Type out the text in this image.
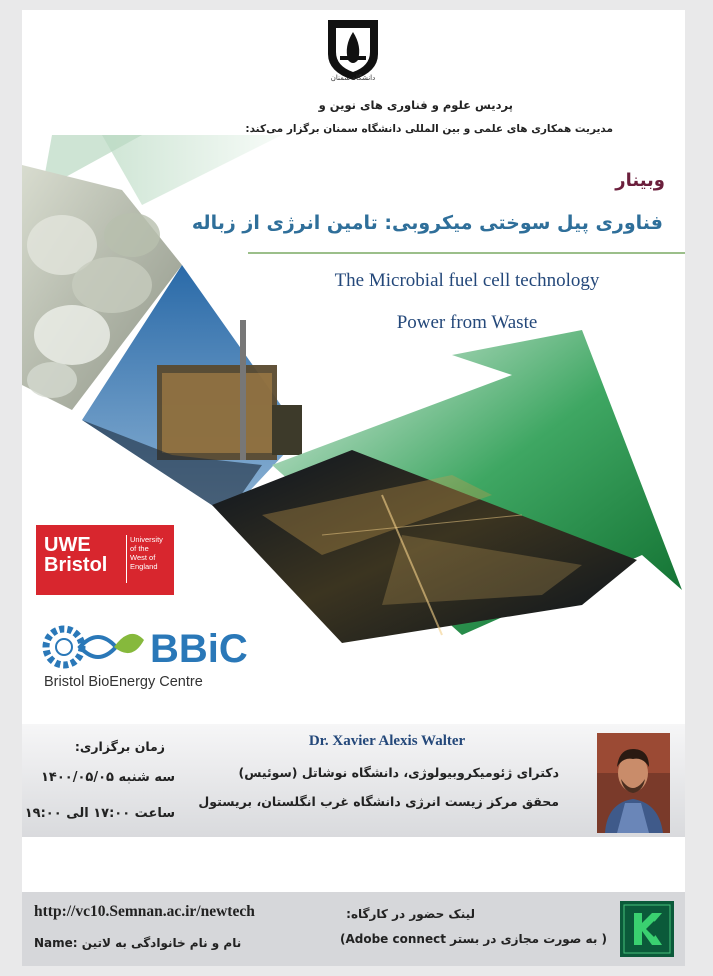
دانشگاه سمنان
پردیس علوم و فناوری های نوین و
مدیریت همکاری های علمی و بین المللی دانشگاه سمنان برگزار می‌کند:
وبینار
فناوری پیل سوختی میکروبی: تامین انرژی از زباله
The Microbial fuel cell technology
Power from Waste
UWE
Bristol
University
of the
West of
England
BBiC
Bristol BioEnergy Centre
Dr. Xavier Alexis Walter
دکترای ژئومیکروبیولوژی، دانشگاه نوشاتل (سوئیس)
محقق مرکز زیست انرژی دانشگاه غرب انگلستان، بریستول
زمان برگزاری:
سه شنبه ۱۴۰۰/۰۵/۰۵
ساعت ۱۷:۰۰ الی ۱۹:۰۰
http://vc10.Semnan.ac.ir/newtech
Name: نام و نام خانوادگی به لاتین
لینک حضور در کارگاه:
( به صورت مجازی در بستر Adobe connect)
